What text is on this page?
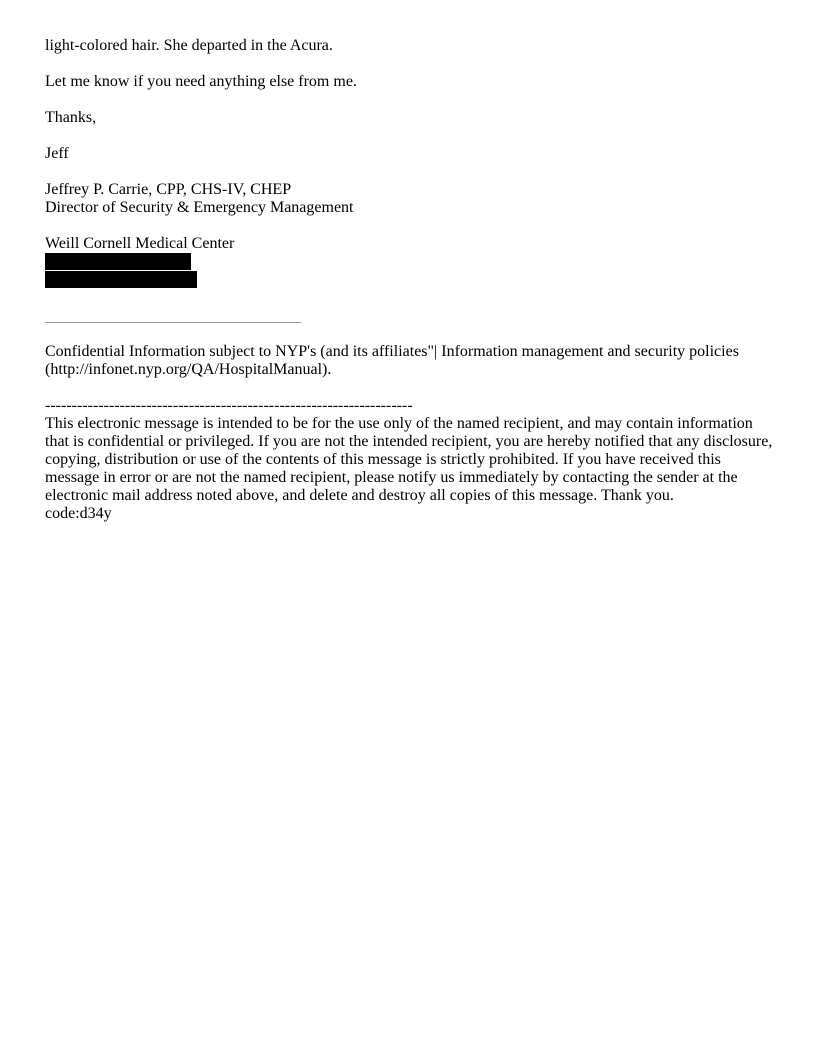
light-colored hair. She departed in the Acura.
Let me know if you need anything else from me.
Thanks,
Jeff
Jeffrey P. Carrie, CPP, CHS-IV, CHEP
Director of Security & Emergency Management
Weill Cornell Medical Center
Confidential Information subject to NYP's (and its affiliates"| Information management and security policies (http://infonet.nyp.org/QA/HospitalManual).
---------------------------------------------------------------------
This electronic message is intended to be for the use only of the named recipient, and may contain information that is confidential or privileged. If you are not the intended recipient, you are hereby notified that any disclosure, copying, distribution or use of the contents of this message is strictly prohibited. If you have received this message in error or are not the named recipient, please notify us immediately by contacting the sender at the electronic mail address noted above, and delete and destroy all copies of this message. Thank you.
code:d34y
